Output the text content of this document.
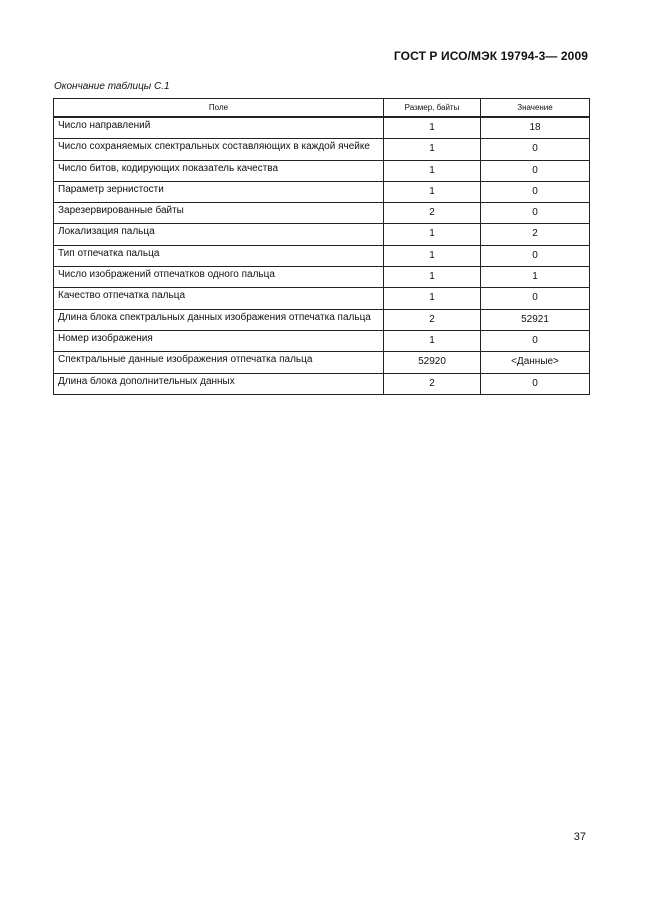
ГОСТ Р ИСО/МЭК 19794-3— 2009
Окончание таблицы С.1
Поле	Размер, байты	Значение
Число направлений	1	18
Число сохраняемых спектральных составляющих в каждой ячейке	1	0
Число битов, кодирующих показатель качества	1	0
Параметр зернистости	1	0
Зарезервированные байты	2	0
Локализация пальца	1	2
Тип отпечатка пальца	1	0
Число изображений отпечатков одного пальца	1	1
Качество отпечатка пальца	1	0
Длина блока спектральных данных изображения отпечатка пальца	2	52921
Номер изображения	1	0
Спектральные данные изображения отпечатка пальца	52920	<Данные>
Длина блока дополнительных данных	2	0
37
